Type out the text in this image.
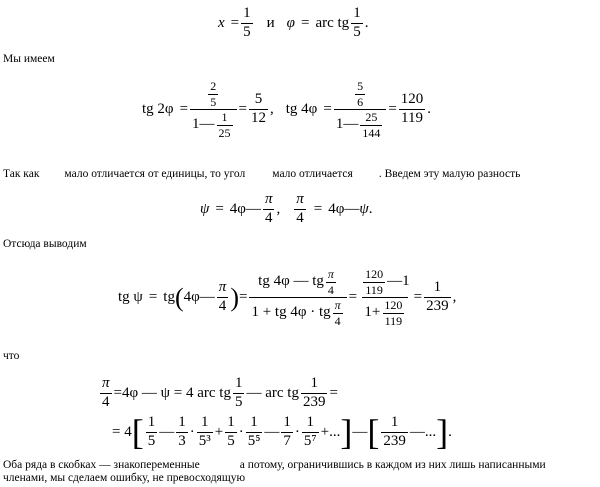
$x = \frac{1}{5}$ и φ = arc tg $\frac{1}{5}$ .
Мы имеем
tg $2\varphi = \frac{\frac{2}{5}}{1 — \frac{1}{25}} = \frac{5}{12}$ , tg $4\varphi = \frac{\frac{5}{6}}{1 — \frac{25}{144}} = \frac{120}{119}$ .
Так как мало отличается от единицы, то угол мало отличается . Введем эту малую разность
ψ = 4φ — $\frac{\pi}{4}$ , $\frac{\pi}{4} = 4\varphi$ — ψ .
Отсюда выводим
tg ψ = tg ( 4φ — $\frac{\pi}{4}$ ) = $\frac{tg 4\varphi — tg \frac{\pi}{4}}{1 + tg 4\varphi \cdot tg \frac{\pi}{4}} = \frac{\frac{120}{119} —1}{1+ \frac{120}{119}} = \frac{1}{239}$ ,
что
$\frac{\pi}{4} = 4\varphi$ — ψ = 4 arc tg $\frac{1}{5}$ — arc tg $\frac{1}{239}$ =
= 4 [ $\frac{1}{5}$ — $\frac{1}{3} \cdot \frac{1}{\text{5³}} + \frac{1}{5} \cdot \frac{1}{\text{5⁵}}$ — $\frac{1}{7} \cdot \frac{1}{\text{5⁷}}$ +... ] — [ $\frac{1}{239}$ —... ] .
Оба ряда в скобках — знакопеременные	а потому, ограничившись в каждом из них лишь написанными
членами, мы сделаем ошибку, не превосходящую
